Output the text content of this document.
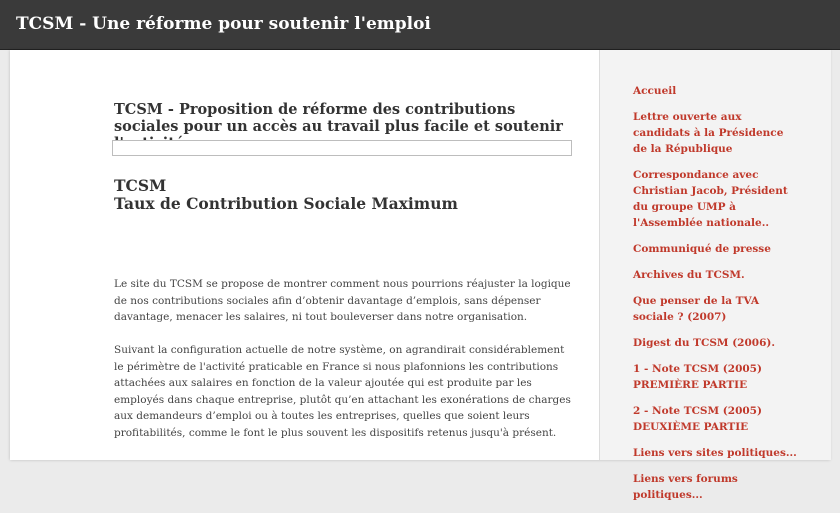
TCSM - Une réforme pour soutenir l'emploi
TCSM - Proposition de réforme des contributions sociales pour un accès au travail plus facile et soutenir
TCSM
Taux de Contribution Sociale Maximum

Le site du TCSM se propose de montrer comment nous pourrions réajuster la logique de nos contributions sociales afin d’obtenir davantage d’emplois, sans dépenser davantage, menacer les salaires, ni tout bouleverser dans notre organisation.

Suivant la configuration actuelle de notre système, on agrandirait considérablement le périmètre de l'activité praticable en France si nous plafonnions les contributions attachées aux salaires en fonction de la valeur ajoutée qui est produite par les employés dans chaque entreprise, plutôt qu’en attachant les exonérations de charges aux demandeurs d’emploi ou à toutes les entreprises, quelles que soient leurs profitabilités, comme le font le plus souvent les dispositifs retenus jusqu'à présent.

Accueil
Lettre ouverte aux candidats à la Présidence de la République
Correspondance avec Christian Jacob, Président du groupe UMP à l'Assemblée nationale..
Communiqué de presse
Archives du TCSM.
Que penser de la TVA sociale ? (2007)
Digest du TCSM (2006).
1 - Note TCSM (2005) PREMIÈRE PARTIE
2 - Note TCSM (2005) DEUXIÈME PARTIE
Liens vers sites politiques...
Liens vers forums politiques...
